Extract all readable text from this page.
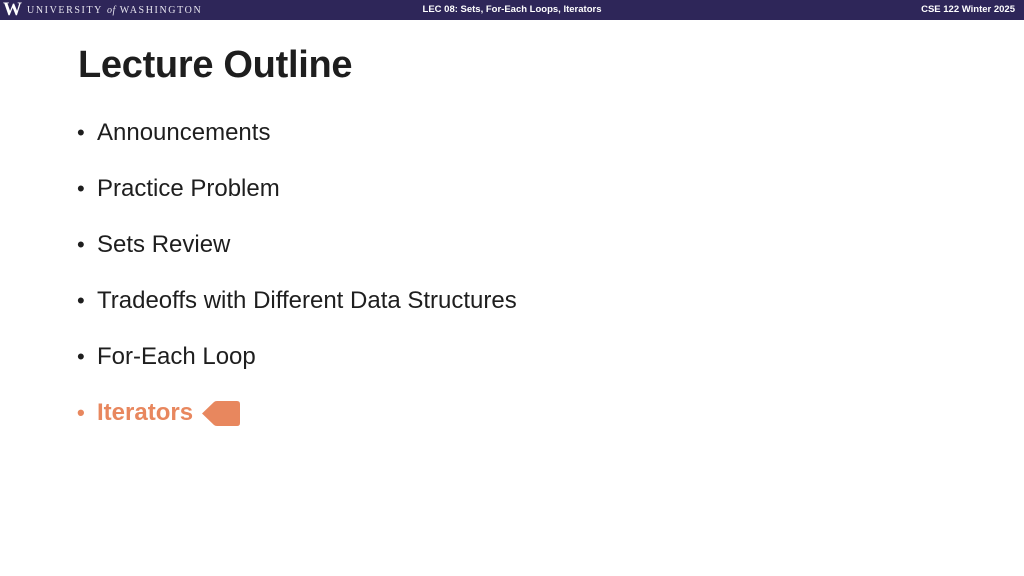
W UNIVERSITY of WASHINGTON	LEC 08: Sets, For-Each Loops, Iterators	CSE 122 Winter 2025
Lecture Outline
• Announcements
• Practice Problem
• Sets Review
• Tradeoffs with Different Data Structures
• For-Each Loop
• Iterators
